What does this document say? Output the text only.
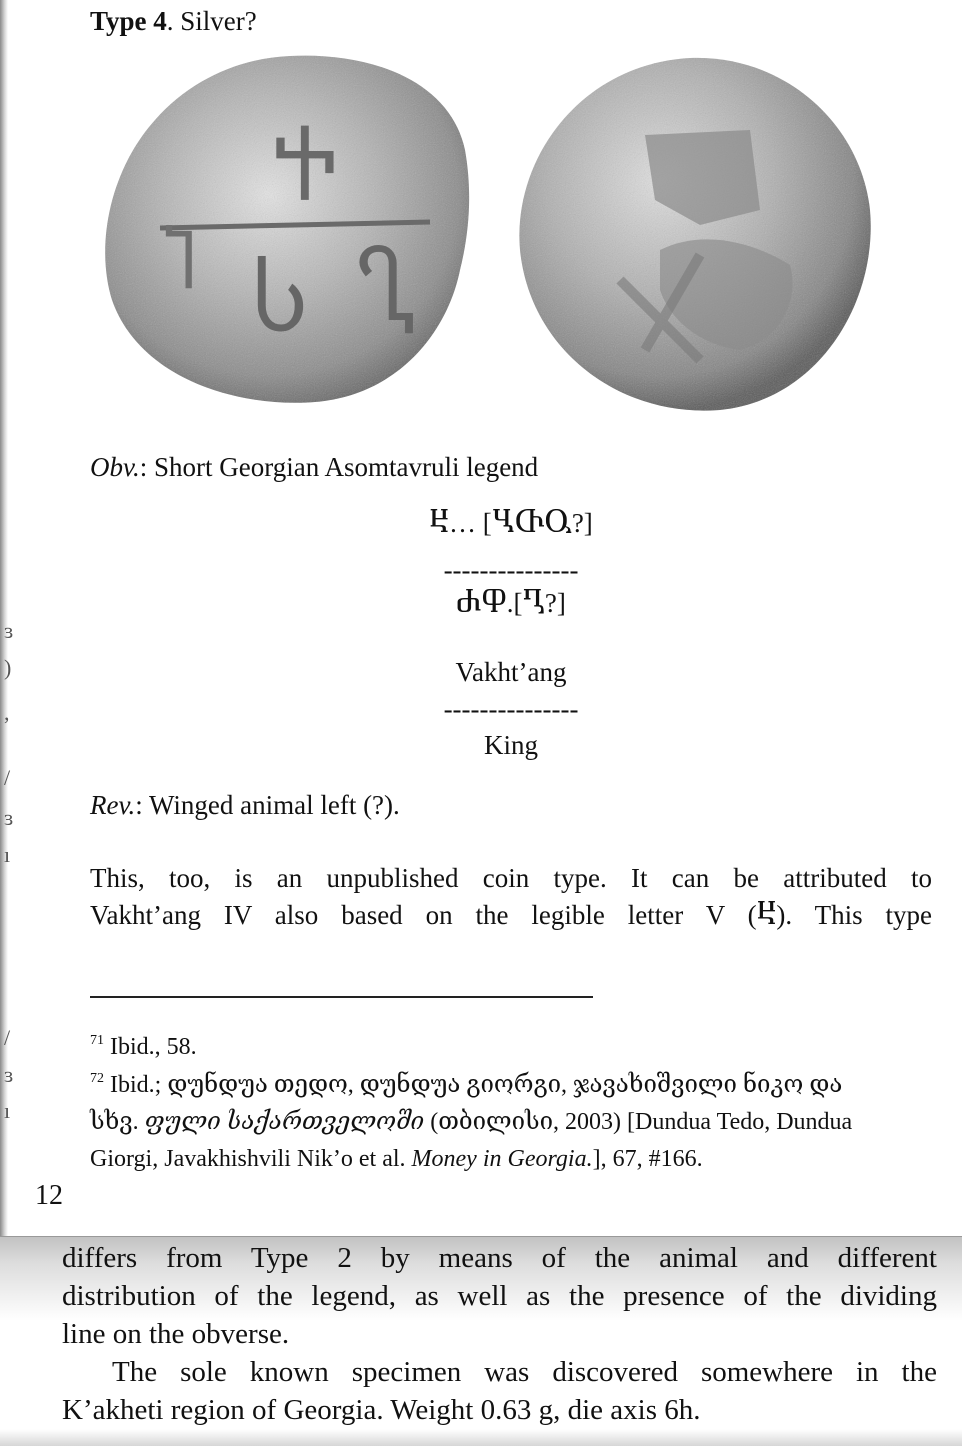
ɜ
)
,
/
ɜ
ı
/
ɜ
ı
Type 4. Silver?
Ⴕ
Ⴈ Ⴑ Ⴂ
Obv.: Short Georgian Asomtavruli legend
Ⴞ… [ႡႧႳ?]
---------------
ႻႴ.[Ⴂ?]
Vakht’ang
---------------
King
Rev.: Winged animal left (?).
This, too, is an unpublished coin type. It can be attributed to
Vakht’ang IV also based on the legible letter V (Ⴞ). This type
$^{71}$ Ibid., 58.
$^{72}$ Ibid.; დუნდუა თედო, დუნდუა გიორგი, ჯავახიშვილი ნიკო და
სხვ. ფული საქართველოში (თბილისი, 2003) [Dundua Tedo, Dundua
Giorgi, Javakhishvili Nik’o et al. Money in Georgia.], 67, #166.
12
differs from Type 2 by means of the animal and different
distribution of the legend, as well as the presence of the dividing
line on the obverse.
The sole known specimen was discovered somewhere in the
K’akheti region of Georgia. Weight 0.63 g, die axis 6h.
